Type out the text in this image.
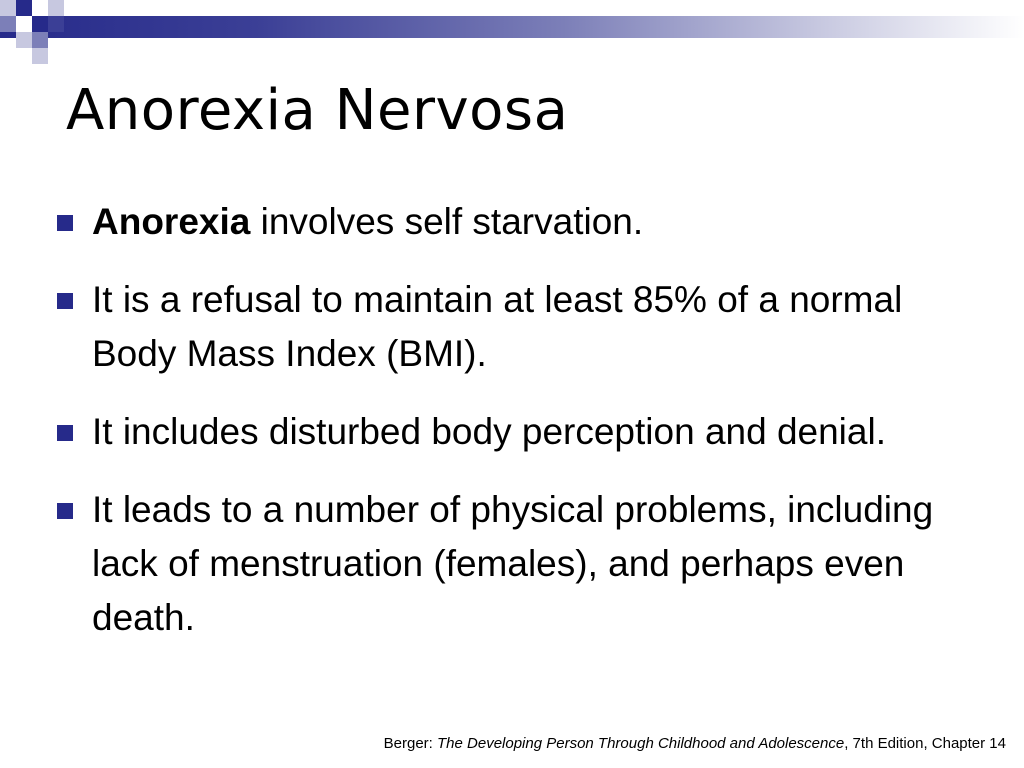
Anorexia Nervosa
Anorexia involves self starvation.
It is a refusal to maintain at least 85% of a normal Body Mass Index (BMI).
It includes disturbed body perception and denial.
It leads to a number of physical problems, including lack of menstruation (females), and perhaps even death.
Berger: The Developing Person Through Childhood and Adolescence, 7th Edition, Chapter 14
